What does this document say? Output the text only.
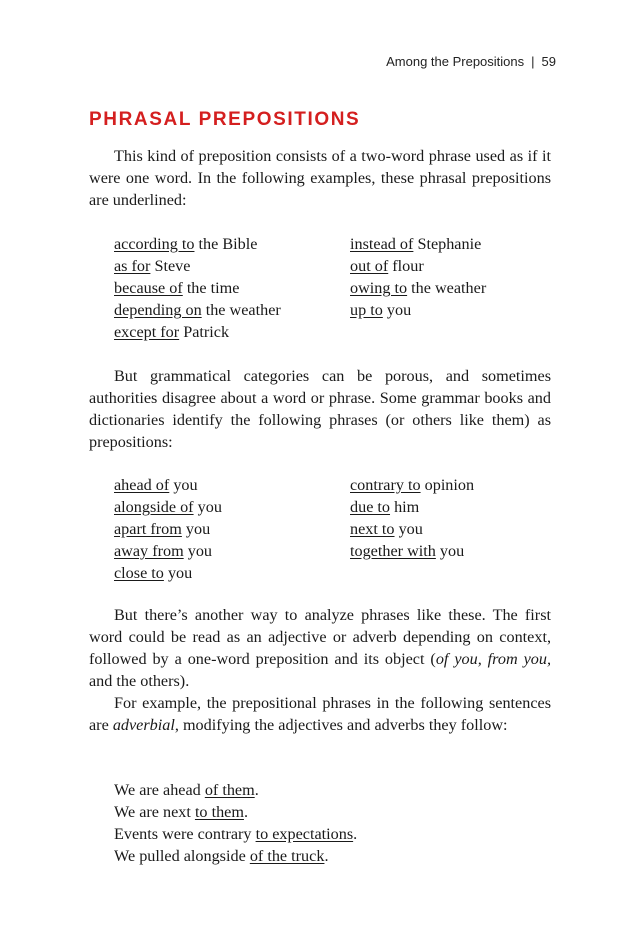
Among the Prepositions | 59
PHRASAL PREPOSITIONS

This kind of preposition consists of a two-word phrase used as if it were one word. In the following examples, these phrasal prepositions are underlined:

according to the Bible
as for Steve
because of the time
depending on the weather
except for Patrick
instead of Stephanie
out of flour
owing to the weather
up to you

But grammatical categories can be porous, and sometimes authorities disagree about a word or phrase. Some grammar books and dictionaries identify the following phrases (or others like them) as prepositions:

ahead of you
alongside of you
apart from you
away from you
close to you
contrary to opinion
due to him
next to you
together with you

But there’s another way to analyze phrases like these. The first word could be read as an adjective or adverb depending on context, followed by a one-word preposition and its object (of you, from you, and the others).

For example, the prepositional phrases in the following sentences are adverbial, modifying the adjectives and adverbs they follow:

We are ahead of them.
We are next to them.
Events were contrary to expectations.
We pulled alongside of the truck.
